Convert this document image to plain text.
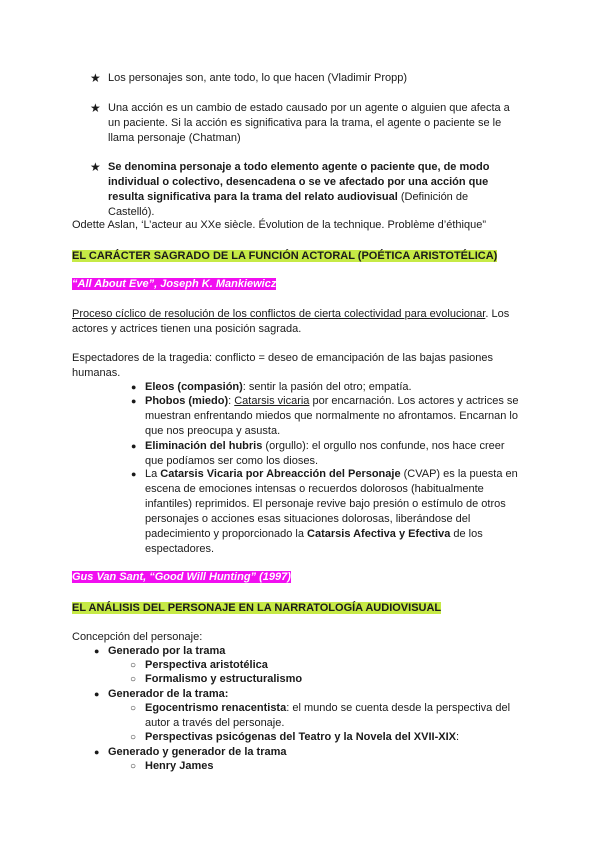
★ Los personajes son, ante todo, lo que hacen (Vladimir Propp)
★ Una acción es un cambio de estado causado por un agente o alguien que afecta a un paciente. Si la acción es significativa para la trama, el agente o paciente se le llama personaje (Chatman)
★ Se denomina personaje a todo elemento agente o paciente que, de modo individual o colectivo, desencadena o se ve afectado por una acción que resulta significativa para la trama del relato audiovisual (Definición de Castelló).

Odette Aslan, ‘L’acteur au XXe siècle. Évolution de la technique. Problème d’éthique”

EL CARÁCTER SAGRADO DE LA FUNCIÓN ACTORAL (POÉTICA ARISTOTÉLICA)

“All About Eve”, Joseph K. Mankiewicz

Proceso cíclico de resolución de los conflictos de cierta colectividad para evolucionar. Los actores y actrices tienen una posición sagrada.

Espectadores de la tragedia: conflicto = deseo de emancipación de las bajas pasiones humanas.

● Eleos (compasión): sentir la pasión del otro; empatía.
● Phobos (miedo): Catarsis vicaria por encarnación. Los actores y actrices se muestran enfrentando miedos que normalmente no afrontamos. Encarnan lo que nos preocupa y asusta.
● Eliminación del hubris (orgullo): el orgullo nos confunde, nos hace creer que podíamos ser como los dioses.
● La Catarsis Vicaria por Abreacción del Personaje (CVAP) es la puesta en escena de emociones intensas o recuerdos dolorosos (habitualmente infantiles) reprimidos. El personaje revive bajo presión o estímulo de otros personajes o acciones esas situaciones dolorosas, liberándose del padecimiento y proporcionado la Catarsis Afectiva y Efectiva de los espectadores.

Gus Van Sant, “Good Will Hunting” (1997)

EL ANÁLISIS DEL PERSONAJE EN LA NARRATOLOGÍA AUDIOVISUAL

Concepción del personaje:

● Generado por la trama
○ Perspectiva aristotélica
○ Formalismo y estructuralismo
● Generador de la trama:
○ Egocentrismo renacentista: el mundo se cuenta desde la perspectiva del autor a través del personaje.
○ Perspectivas psicógenas del Teatro y la Novela del XVII-XIX:
● Generado y generador de la trama
○ Henry James
